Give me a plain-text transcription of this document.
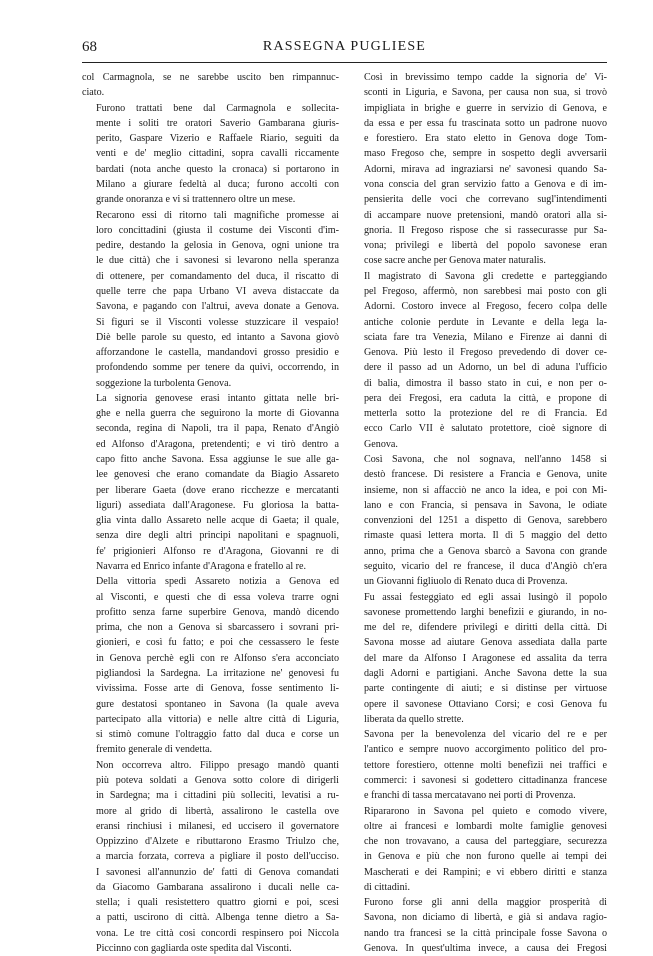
68	RASSEGNA PUGLIESE

col Carmagnola, se ne sarebbe uscito ben rimpannuc-
ciato.

Furono trattati bene dal Carmagnola e sollecita-
mente i soliti tre oratori Saverio Gambarana giuris-
perito, Gaspare Vizerio e Raffaele Riario, seguiti da
venti e de' meglio cittadini, sopra cavalli riccamente
bardati (nota anche questo la cronaca) si portarono in
Milano a giurare fedeltà al duca; furono accolti con
grande onoranza e vi si trattennero oltre un mese.

Recarono essi di ritorno tali magnifiche promesse ai
loro concittadini (giusta il costume dei Visconti d'im-
pedire, destando la gelosia in Genova, ogni unione tra
le due città) che i savonesi si levarono nella speranza
di ottenere, per comandamento del duca, il riscatto di
quelle terre che papa Urbano VI aveva distaccate da
Savona, e pagando con l'altrui, aveva donate a Genova.
Si figuri se il Visconti volesse stuzzicare il vespaio!
Diè belle parole su questo, ed intanto a Savona giovò
afforzandone le castella, mandandovi grosso presidio e
profondendo somme per tenere da quivi, occorrendo, in
soggezione la turbolenta Genova.

La signoria genovese erasi intanto gittata nelle bri-
ghe e nella guerra che seguirono la morte di Giovanna
seconda, regina di Napoli, tra il papa, Renato d'Angiò
ed Alfonso d'Aragona, pretendenti; e vi tirò dentro a
capo fitto anche Savona. Essa aggiunse le sue alle ga-
lee genovesi che erano comandate da Biagio Assareto
per liberare Gaeta (dove erano ricchezze e mercatanti
liguri) assediata dall'Aragonese. Fu gloriosa la batta-
glia vinta dallo Assareto nelle acque di Gaeta; il quale,
senza dire degli altri principi napolitani e spagnuoli,
fe' prigionieri Alfonso re d'Aragona, Giovanni re di
Navarra ed Enrico infante d'Aragona e fratello al re.

Della vittoria spedì Assareto notizia a Genova ed
al Visconti, e questi che di essa voleva trarre ogni
profitto senza farne superbire Genova, mandò dicendo
prima, che non a Genova si sbarcassero i sovrani pri-
gionieri, e così fu fatto; e poi che cessassero le feste
in Genova perchè egli con re Alfonso s'era acconciato
pigliandosi la Sardegna. La irritazione ne' genovesi fu
vivissima. Fosse arte di Genova, fosse sentimento li-
gure destatosi spontaneo in Savona (la quale aveva
partecipato alla vittoria) e nelle altre città di Liguria,
si stimò comune l'oltraggio fatto dal duca e corse un
fremito generale di vendetta.

Non occorreva altro. Filippo presago mandò quanti
più poteva soldati a Genova sotto colore di dirigerli
in Sardegna; ma i cittadini più solleciti, levatisi a ru-
more al grido di libertà, assalirono le castella ove
eransi rinchiusi i milanesi, ed uccisero il governatore
Oppizzino d'Alzete e ributtarono Erasmo Triulzo che,
a marcia forzata, correva a pigliare il posto dell'ucciso.
I savonesi all'annunzio de' fatti di Genova comandati
da Giacomo Gambarana assalirono i ducali nelle ca-
stella; i quali resistettero quattro giorni e poi, scesi
a patti, uscirono di città. Albenga tenne dietro a Sa-
vona. Le tre città cosi concordi respinsero poi Niccola
Piccinno con gagliarda oste spedita dal Visconti.

Così in brevissimo tempo cadde la signoria de' Vi-
sconti in Liguria, e Savona, per causa non sua, si trovò
impigliata in brighe e guerre in servizio di Genova, e
da essa e per essa fu trascinata sotto un padrone nuovo
e forestiero. Era stato eletto in Genova doge Tom-
maso Fregoso che, sempre in sospetto degli avversarii
Adorni, mirava ad ingraziarsi ne' savonesi quando Sa-
vona conscia del gran servizio fatto a Genova e di im-
pensierita delle voci che correvano sugl'intendimenti
di accampare nuove pretensioni, mandò oratori alla si-
gnoria. Il Fregoso rispose che si rassecurasse pur Sa-
vona; privilegi e libertà del popolo savonese eran
cose sacre anche per Genova mater naturalis.

Il magistrato di Savona gli credette e parteggiando
pel Fregoso, affermò, non sarebbesi mai posto con gli
Adorni. Costoro invece al Fregoso, fecero colpa delle
antiche colonie perdute in Levante e della lega la-
sciata fare tra Venezia, Milano e Firenze ai danni di
Genova. Più lesto il Fregoso prevedendo di dover ce-
dere il passo ad un Adorno, un bel di aduna l'ufficio
di balia, dimostra il basso stato in cui, e non per o-
pera dei Fregosi, era caduta la città, e propone di
metterla sotto la protezione del re di Francia. Ed
ecco Carlo VII è salutato protettore, cioè signore di
Genova.

Così Savona, che nol sognava, nell'anno 1458 si
destò francese. Di resistere a Francia e Genova, unite
insieme, non si affacciò ne anco la idea, e poi con Mi-
lano e con Francia, si pensava in Savona, le odiate
convenzioni del 1251 a dispetto di Genova, sarebbero
rimaste quasi lettera morta. Il dì 5 maggio del detto
anno, prima che a Genova sbarcò a Savona con grande
seguito, vicario del re francese, il duca d'Angiò ch'era
un Giovanni figliuolo di Renato duca di Provenza.

Fu assai festeggiato ed egli assai lusingò il popolo
savonese promettendo larghi benefizii e giurando, in no-
me del re, difendere privilegi e diritti della città. Di
Savona mosse ad aiutare Genova assediata dalla parte
del mare da Alfonso I Aragonese ed assalita da terra
dagli Adorni e partigiani. Anche Savona dette la sua
parte contingente di aiuti; e si distinse per virtuose
opere il savonese Ottaviano Corsi; e così Genova fu
liberata da quello strette.

Savona per la benevolenza del vicario del re e per
l'antico e sempre nuovo accorgimento politico del pro-
tettore forestiero, ottenne molti benefizii nei traffici e
commerci: i savonesi si godettero cittadinanza francese
e franchi di tassa mercatavano nei porti di Provenza.

Ripararono in Savona pel quieto e comodo vivere,
oltre ai francesi e lombardi molte famiglie genovesi
che non trovavano, a causa del parteggiare, securezza
in Genova e più che non furono quelle ai tempi dei
Mascherati e dei Rampini; e vi ebbero diritti e stanza
di cittadini.

Furono forse gli anni della maggior prosperità di
Savona, non diciamo di libertà, e già si andava ragio-
nando tra francesi se la città principale fosse Savona o
Genova. In quest'ultima invece, a causa dei Fregosi
